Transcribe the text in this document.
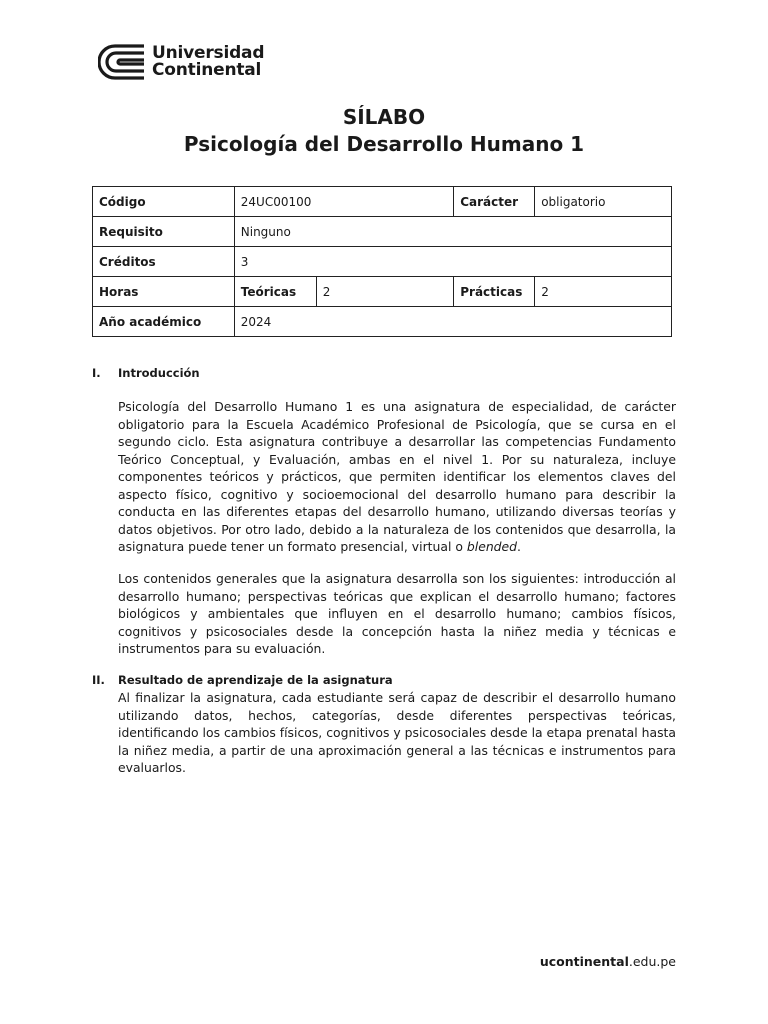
Universidad
Continental
SÍLABO
Psicología del Desarrollo Humano 1
Código	24UC00100		Carácter	obligatorio
Requisito	Ninguno			
Créditos	3			
Horas	Teóricas	2	Prácticas	2
Año académico	2024			
I. Introducción

Psicología del Desarrollo Humano 1 es una asignatura de especialidad, de carácter obligatorio para la Escuela Académico Profesional de Psicología, que se cursa en el segundo ciclo. Esta asignatura contribuye a desarrollar las competencias Fundamento Teórico Conceptual, y Evaluación, ambas en el nivel 1. Por su naturaleza, incluye componentes teóricos y prácticos, que permiten identificar los elementos claves del aspecto físico, cognitivo y socioemocional del desarrollo humano para describir la conducta en las diferentes etapas del desarrollo humano, utilizando diversas teorías y datos objetivos. Por otro lado, debido a la naturaleza de los contenidos que desarrolla, la asignatura puede tener un formato presencial, virtual o blended.

Los contenidos generales que la asignatura desarrolla son los siguientes: introducción al desarrollo humano; perspectivas teóricas que explican el desarrollo humano; factores biológicos y ambientales que influyen en el desarrollo humano; cambios físicos, cognitivos y psicosociales desde la concepción hasta la niñez media y técnicas e instrumentos para su evaluación.

II. Resultado de aprendizaje de la asignatura

Al finalizar la asignatura, cada estudiante será capaz de describir el desarrollo humano utilizando datos, hechos, categorías, desde diferentes perspectivas teóricas, identificando los cambios físicos, cognitivos y psicosociales desde la etapa prenatal hasta la niñez media, a partir de una aproximación general a las técnicas e instrumentos para evaluarlos.

ucontinental.edu.pe
